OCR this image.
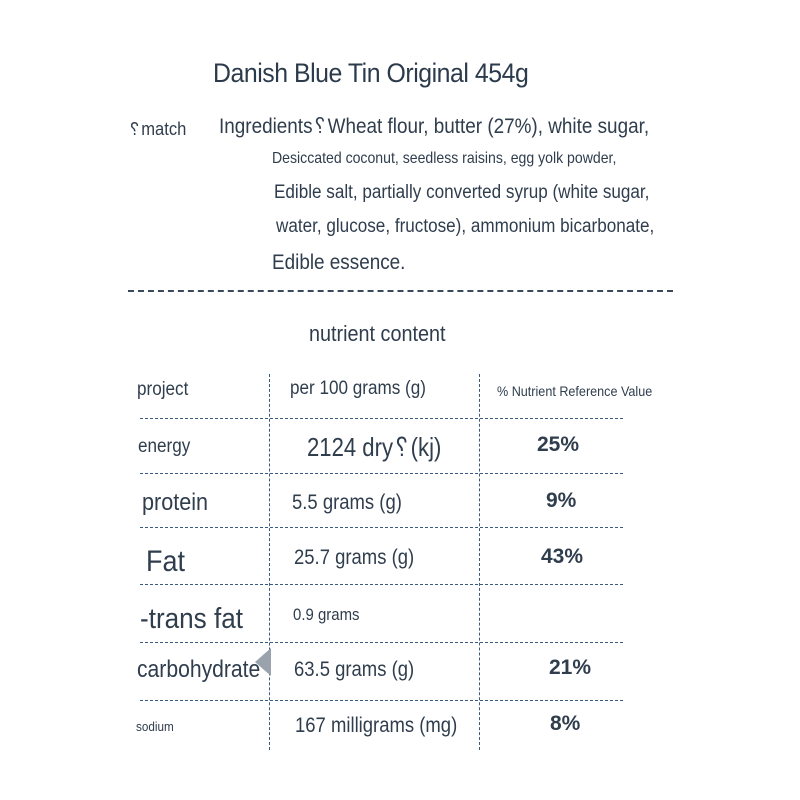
Danish Blue Tin Original 454g
␦match Ingredients␦Wheat flour, butter (27%), white sugar,
Desiccated coconut, seedless raisins, egg yolk powder,
Edible salt, partially converted syrup (white sugar,
water, glucose, fructose), ammonium bicarbonate,
Edible essence.
nutrient content
project	per 100 grams (g)	% Nutrient Reference Value
energy	2124 dry␦(kj)	25%
protein	5.5 grams (g)	9%
Fat	25.7 grams (g)	43%
-trans fat	0.9 grams
carbohydrate 63.5 grams (g)	21%
sodium	167 milligrams (mg)	8%
